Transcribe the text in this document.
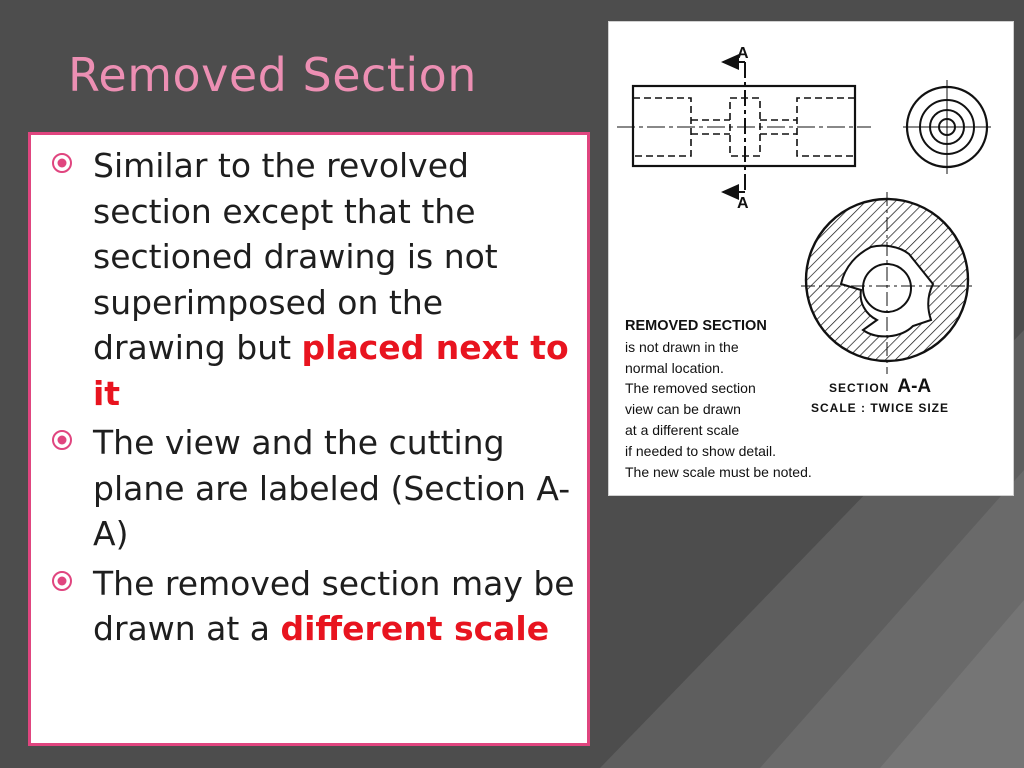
Removed Section
Similar to the revolved section except that the sectioned drawing is not superimposed on the drawing but placed next to it
The view and the cutting plane are labeled (Section A-A)
The removed section may be drawn at a different scale
A
A
REMOVED SECTION
is not drawn in the
normal location.
The removed section
view can be drawn
at a different scale
if needed to show detail.
The new scale must be noted.
SECTION A-A
SCALE : TWICE SIZE
